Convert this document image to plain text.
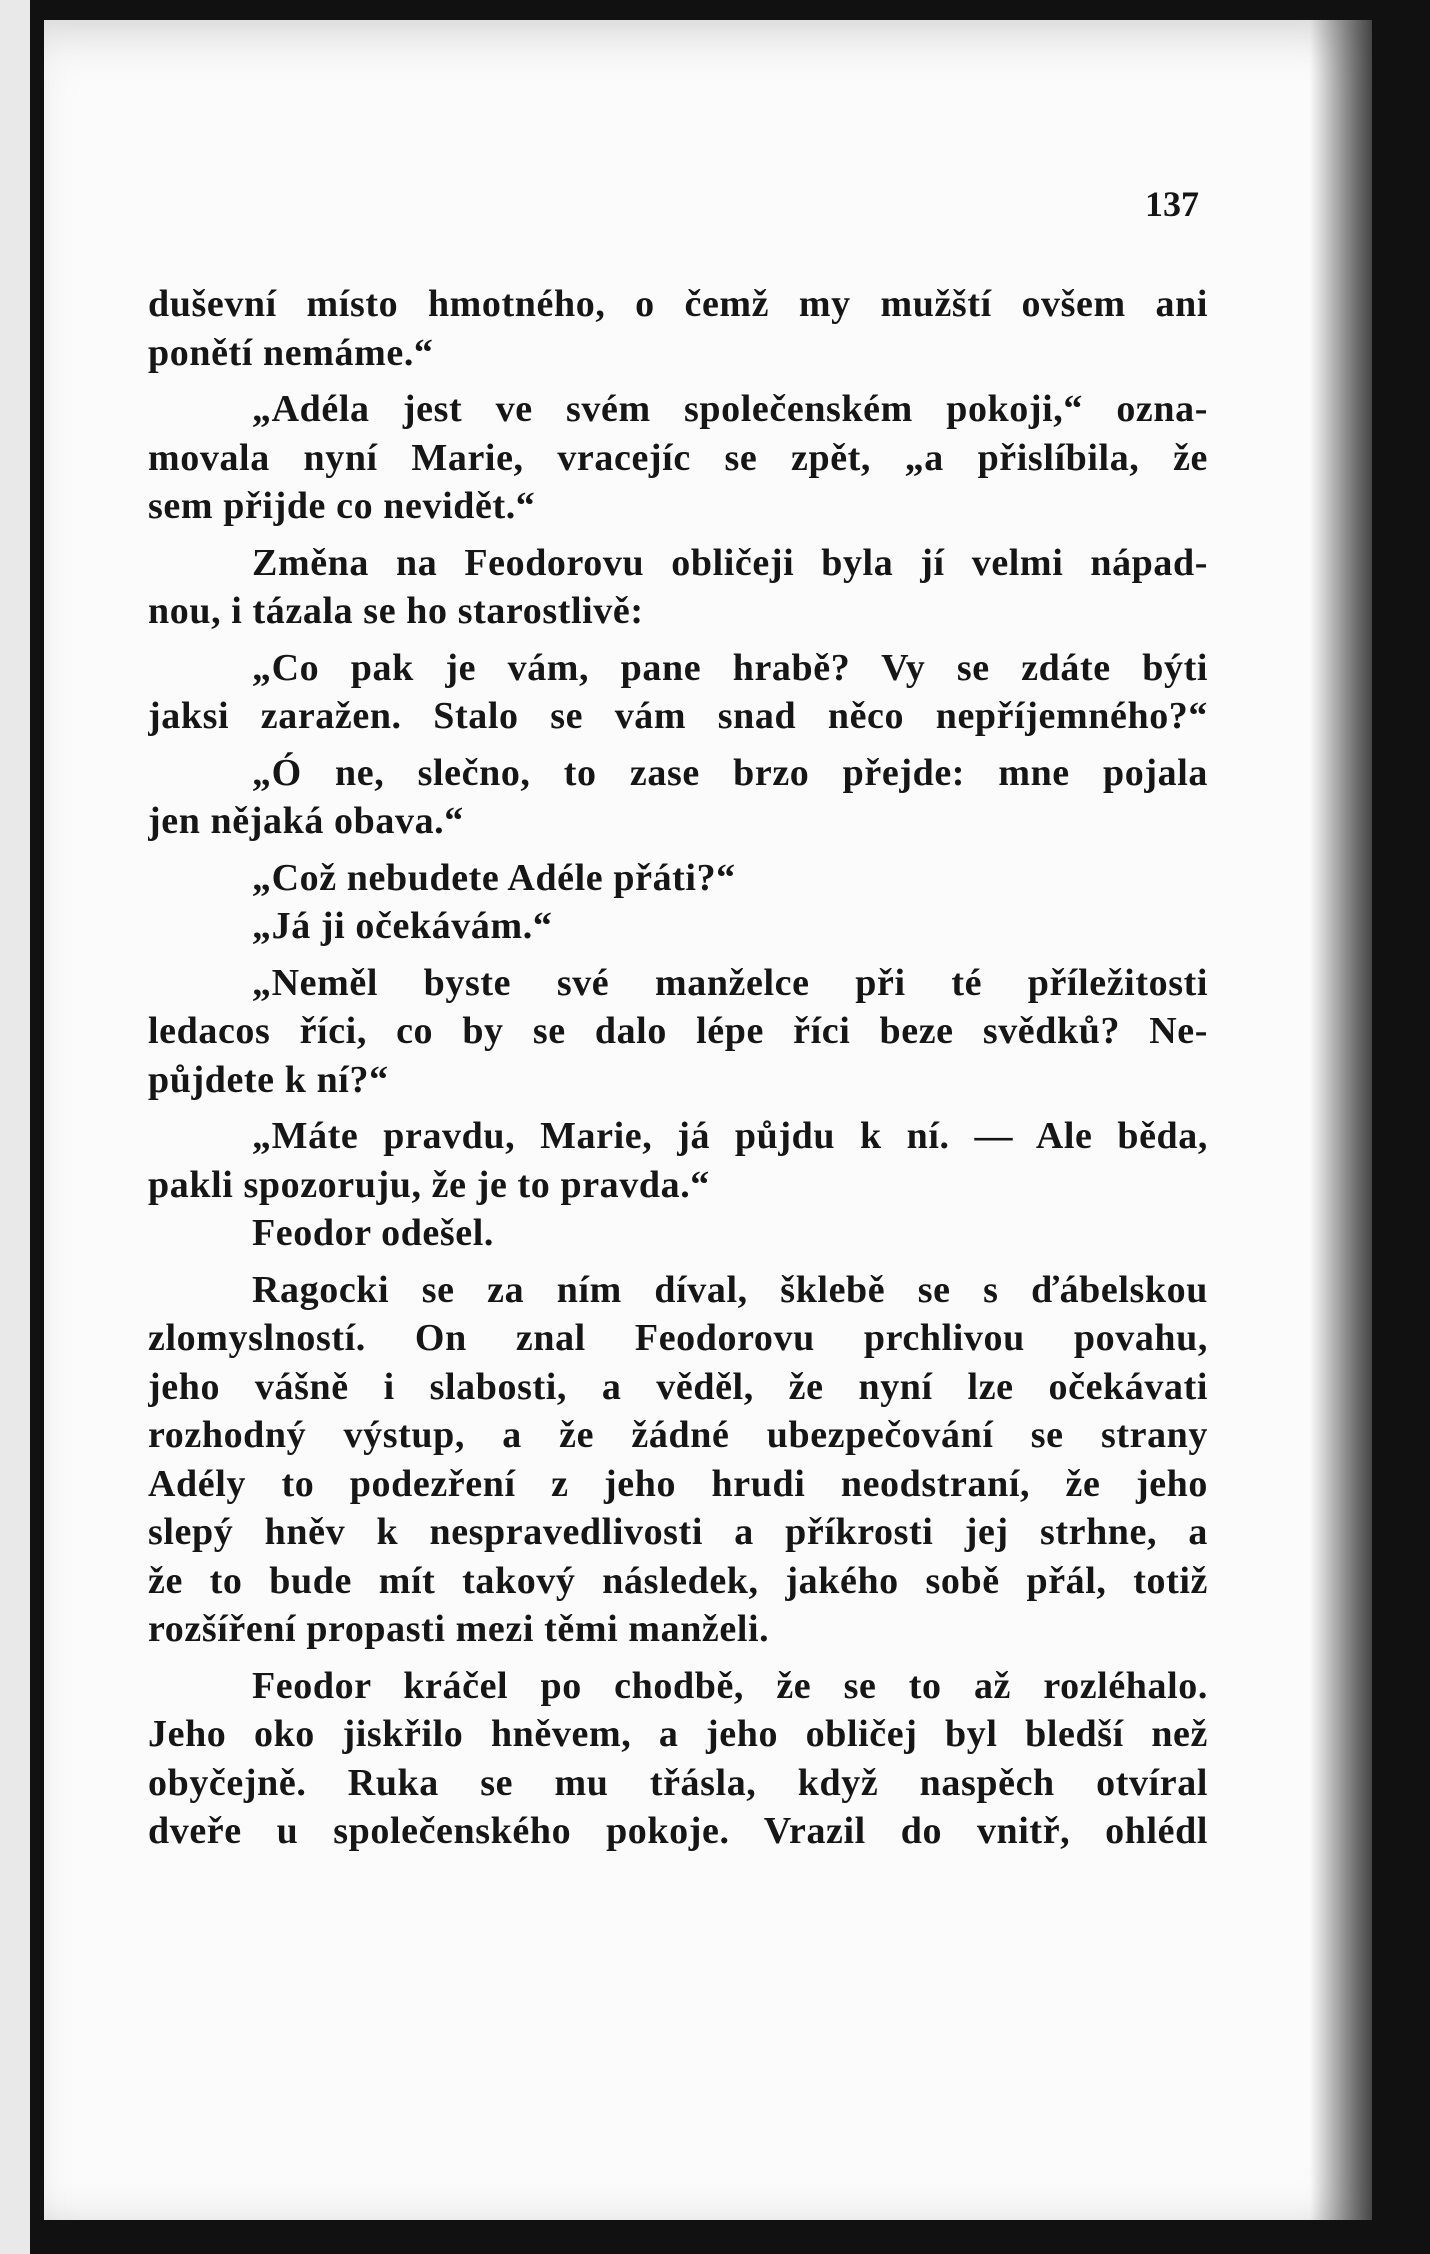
137
duševní místo hmotného, o čemž my mužští ovšem ani
ponětí nemáme.“
„Adéla jest ve svém společenském pokoji,“ ozna-
movala nyní Marie, vracejíc se zpět, „a přislíbila, že
sem přijde co nevidět.“
Změna na Feodorovu obličeji byla jí velmi nápad-
nou, i tázala se ho starostlivě:
„Co pak je vám, pane hrabě? Vy se zdáte býti
jaksi zaražen. Stalo se vám snad něco nepříjemného?“
„Ó ne, slečno, to zase brzo přejde: mne pojala
jen nějaká obava.“
„Což nebudete Adéle přáti?“
„Já ji očekávám.“
„Neměl byste své manželce při té příležitosti
ledacos říci, co by se dalo lépe říci beze svědků? Ne-
půjdete k ní?“
„Máte pravdu, Marie, já půjdu k ní. — Ale běda,
pakli spozoruju, že je to pravda.“
Feodor odešel.
Ragocki se za ním díval, šklebě se s ďábelskou
zlomyslností. On znal Feodorovu prchlivou povahu,
jeho vášně i slabosti, a věděl, že nyní lze očekávati
rozhodný výstup, a že žádné ubezpečování se strany
Adély to podezření z jeho hrudi neodstraní, že jeho
slepý hněv k nespravedlivosti a příkrosti jej strhne, a
že to bude mít takový následek, jakého sobě přál, totiž
rozšíření propasti mezi těmi manželi.
Feodor kráčel po chodbě, že se to až rozléhalo.
Jeho oko jiskřilo hněvem, a jeho obličej byl bledší než
obyčejně. Ruka se mu třásla, když naspěch otvíral
dveře u společenského pokoje. Vrazil do vnitř, ohlédl
